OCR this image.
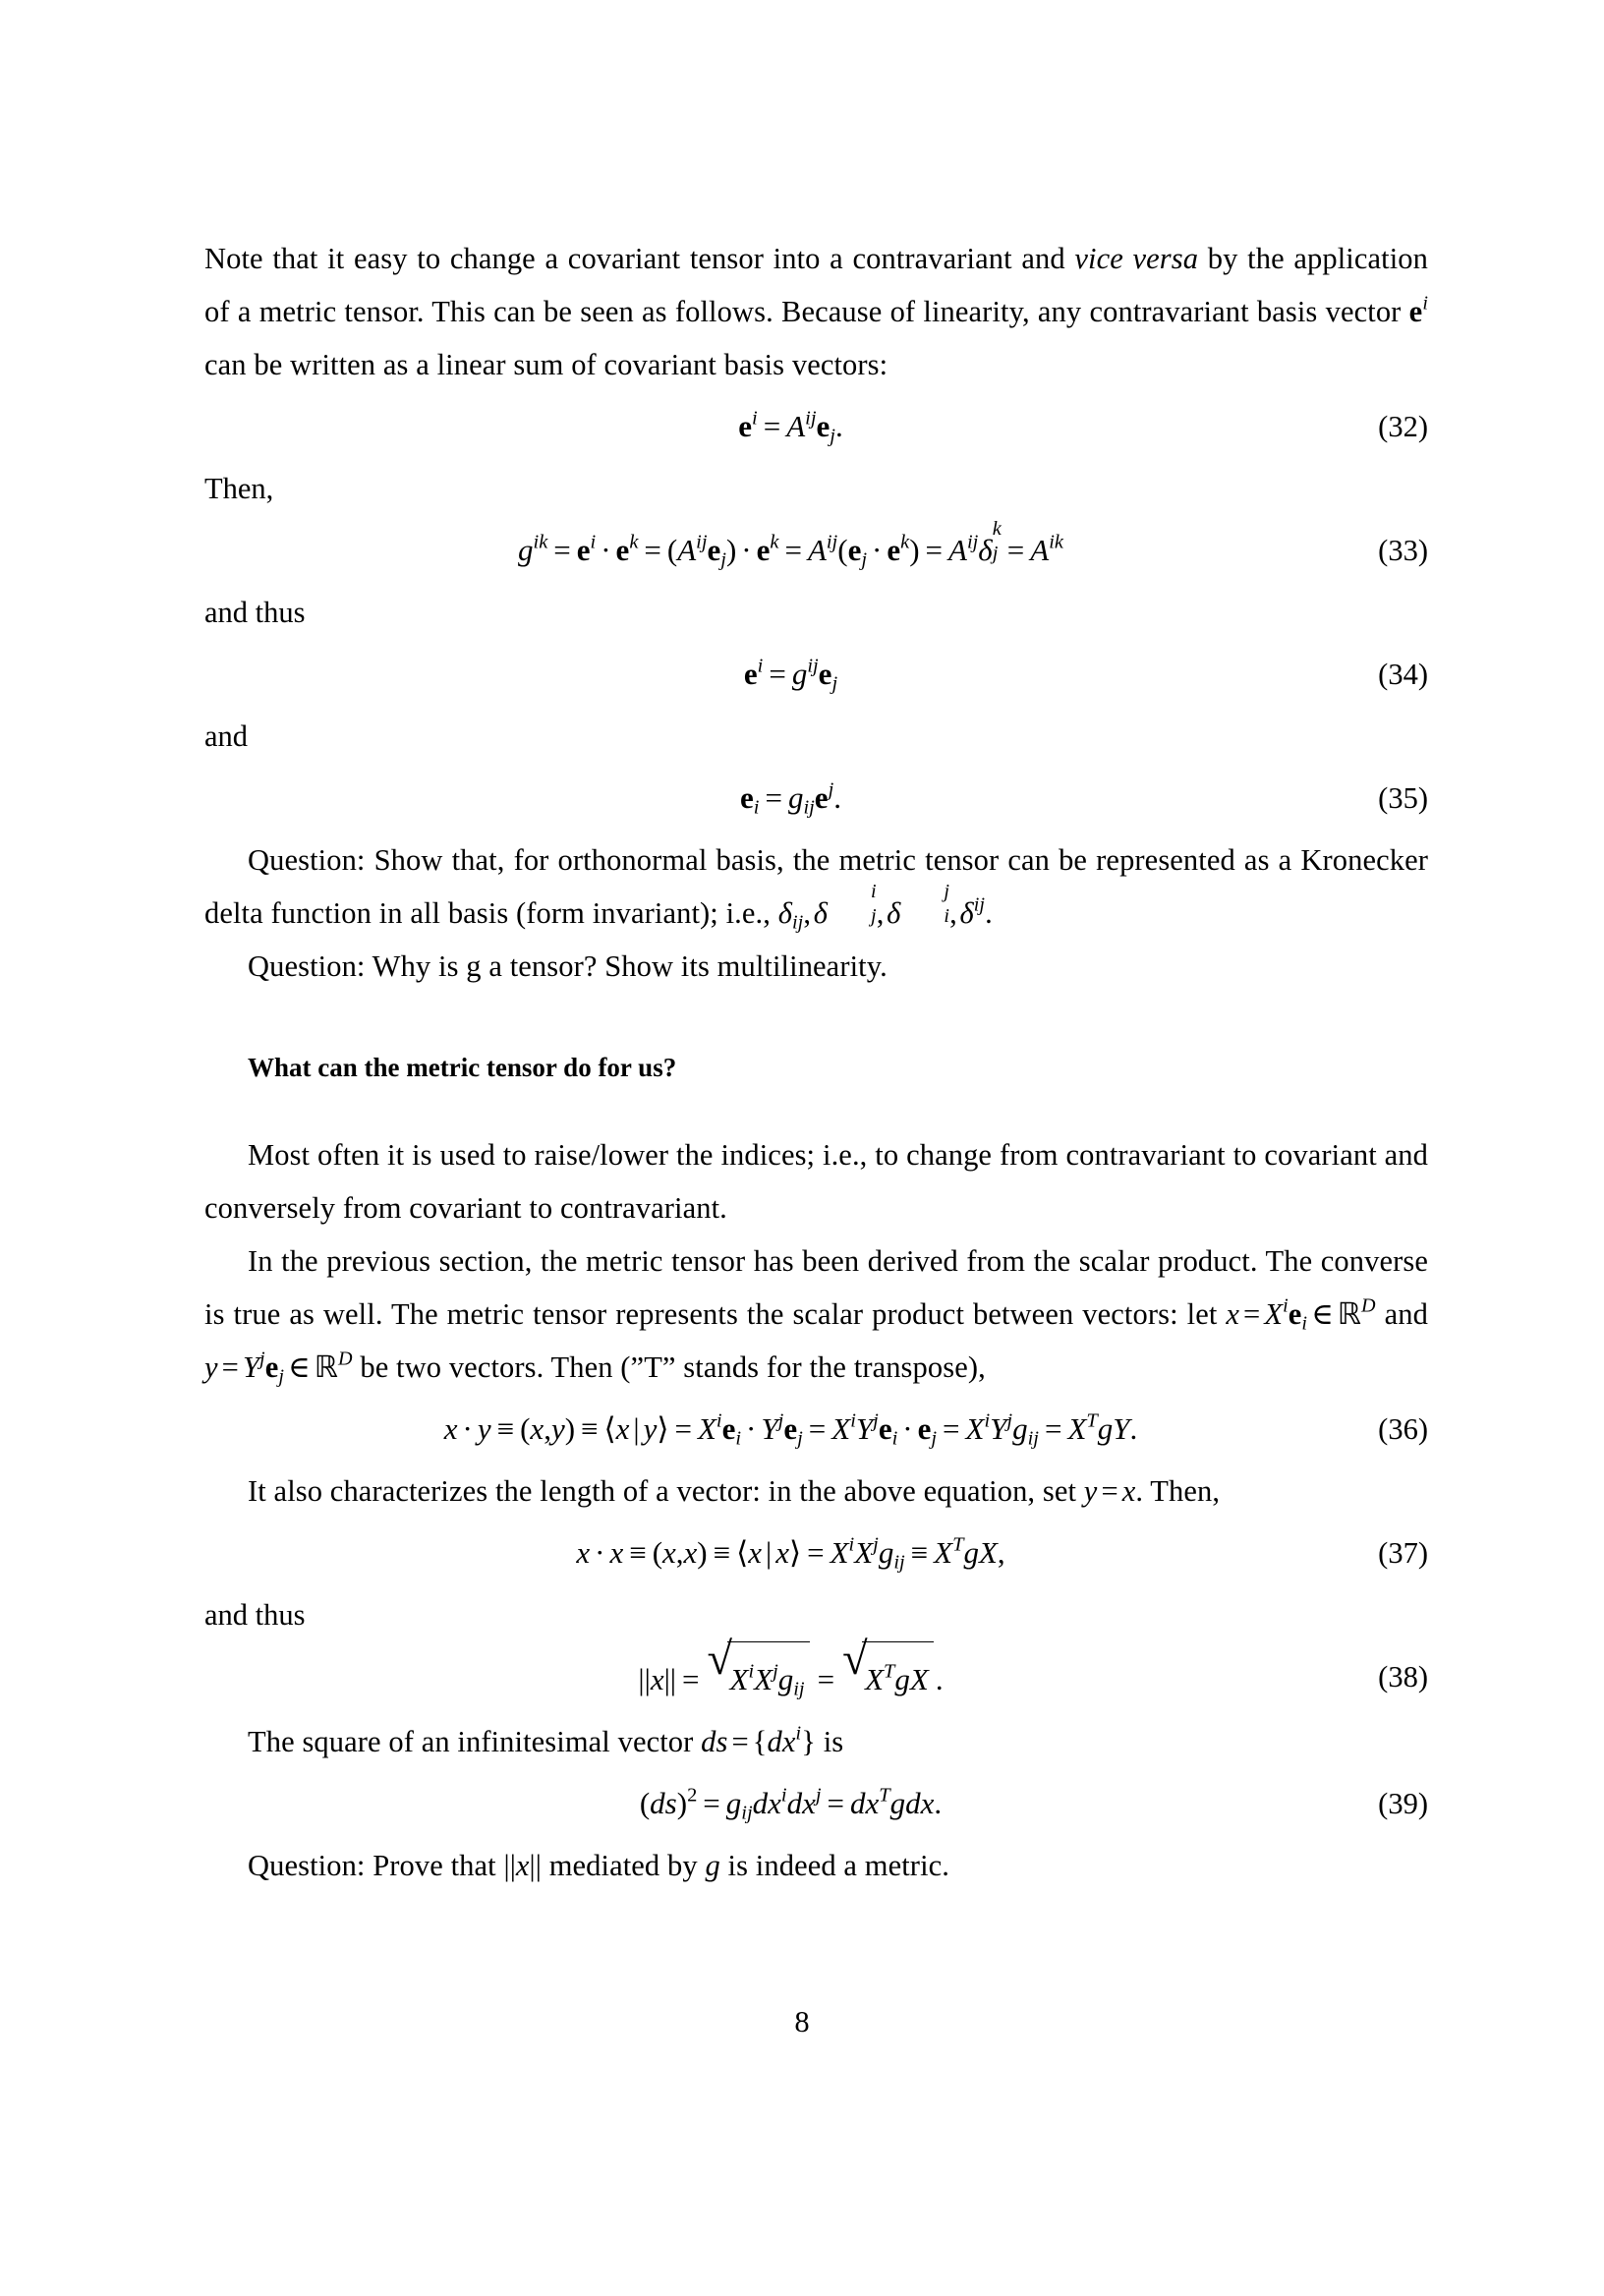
Note that it easy to change a covariant tensor into a contravariant and vice versa by the application of a metric tensor. This can be seen as follows. Because of linearity, any contravariant basis vector $e^i$ can be written as a linear sum of covariant basis vectors:

$e^i = A^{ij}e_j$.	(32)

Then,

$g^{ik} = e^i \cdot e^k = (A^{ij}e_j) \cdot e^k = A^{ij}(e_j \cdot e^k) = A^{ij}\delta$
k
$j = A^{ik}$	(33)

and thus

$e^i = g^{ij}e_j$	(34)

and

$e_i = g_{ij}e^j$.	(35)

Question: Show that, for orthonormal basis, the metric tensor can be represented as a Kronecker delta function in all basis (form invariant); i.e., $\delta_{ij}$, δ
i
j , δ
j
i , $\delta^{ij}$.

Question: Why is g a tensor? Show its multilinearity.

What can the metric tensor do for us?

Most often it is used to raise/lower the indices; i.e., to change from contravariant to covariant and conversely from covariant to contravariant.

In the previous section, the metric tensor has been derived from the scalar product. The converse is true as well. The metric tensor represents the scalar product between vectors: let $x = X^ie_i$ ∈ ℝ$^D$ and $y = Y^je_j$ ∈ ℝ$^D$ be two vectors. Then (”T” stands for the transpose),

x · y ≡ (x,y) ≡ ⟨x | y⟩ = $X^ie_i \cdot Y^je_j = X^iY^je_i \cdot e_j = X^iY^jg_{ij} = X^TgY$.	(36)

It also characterizes the length of a vector: in the above equation, set y = x. Then,

x · x ≡ (x,x) ≡ ⟨x | x⟩ = $X^iX^jg_{ij} \equiv X^TgX$,	(37)

and thus

||x|| = √
$X^iX^jg_{ij}$ = √
$X^TgX$ .	(38)

The square of an infinitesimal vector ds = $\{dx^i\}$ is

$(ds)^2 = g_{ij}dx^idx^j = dx^Tgdx$.	(39)

Question: Prove that ||x|| mediated by g is indeed a metric.

8
